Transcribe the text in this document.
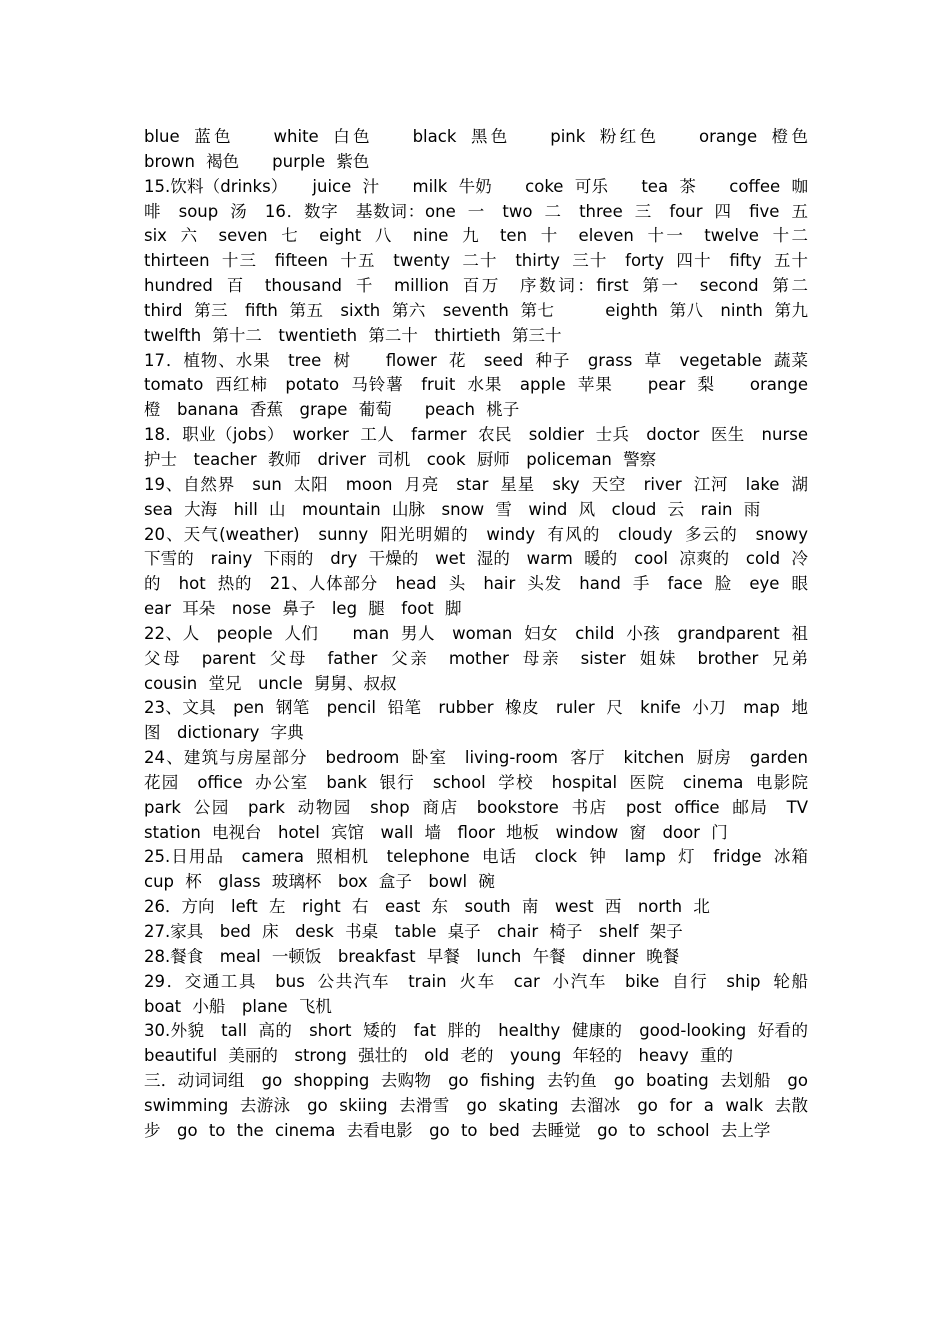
blue 蓝色　　white 白色　　black 黑色　　pink 粉红色　　orange 橙色　　brown 褐色　　purple 紫色

15.饮料（drinks）　　juice 汁　　milk 牛奶　　coke 可乐　　tea 茶　　coffee 咖啡　soup 汤　16．数字　基数词：one 一　two 二　three 三　four 四　five 五　six 六　seven 七　eight 八　nine 九　ten 十　eleven 十一　twelve 十二　thirteen 十三　fifteen 十五　twenty 二十　thirty 三十　forty 四十　fifty 五十　hundred 百　thousand 千　million 百万　序数词：first 第一　second 第二　third 第三　fifth 第五　sixth 第六　seventh 第七　　　eighth 第八　ninth 第九　twelfth 第十二　twentieth 第二十　thirtieth 第三十

17．植物、水果　tree 树　　flower 花　seed 种子　grass 草　vegetable 蔬菜　tomato 西红柿　potato 马铃薯　fruit 水果　apple 苹果　　pear 梨　　orange 橙　banana 香蕉　grape 葡萄　　peach 桃子

18．职业（jobs）　worker 工人　farmer 农民　soldier 士兵　doctor 医生　nurse 护士　teacher 教师　driver 司机　cook 厨师　policeman 警察

19、自然界　sun 太阳　moon 月亮　star 星星　sky 天空　river 江河　lake 湖　sea 大海　hill 山　mountain 山脉　snow 雪　wind 风　cloud 云　rain 雨

20、天气(weather)　sunny 阳光明媚的　windy 有风的　cloudy 多云的　snowy 下雪的　rainy 下雨的　dry 干燥的　wet 湿的　warm 暖的　cool 凉爽的　cold 冷的　hot 热的　21、人体部分　head 头　hair 头发　hand 手　face 脸　eye 眼　ear 耳朵　nose 鼻子　leg 腿　foot 脚

22、人　people 人们　　man 男人　woman 妇女　child 小孩　grandparent 祖父母　parent 父母　father 父亲　mother 母亲　sister 姐妹　brother 兄弟　cousin 堂兄　uncle 舅舅、叔叔

23、文具　pen 钢笔　pencil 铅笔　rubber 橡皮　ruler 尺　knife 小刀　map 地图　dictionary 字典

24、建筑与房屋部分　bedroom 卧室　living-room 客厅　kitchen 厨房　garden 花园　office 办公室　bank 银行　school 学校　hospital 医院　cinema 电影院　park 公园　park 动物园　shop 商店　bookstore 书店　post office 邮局　TV station 电视台　hotel 宾馆　wall 墙　floor 地板　window 窗　door 门

25.日用品　camera 照相机　telephone 电话　clock 钟　lamp 灯　fridge 冰箱　cup 杯　glass 玻璃杯　box 盒子　bowl 碗

26．方向　left 左　right 右　east 东　south 南　west 西　north 北

27.家具　bed 床　desk 书桌　table 桌子　chair 椅子　shelf 架子

28.餐食　meal 一顿饭　breakfast 早餐　lunch 午餐　dinner 晚餐

29．交通工具　bus 公共汽车　train 火车　car 小汽车　bike 自行　ship 轮船　boat 小船　plane 飞机

30.外貌　tall 高的　short 矮的　fat 胖的　healthy 健康的　good-looking 好看的　beautiful 美丽的　strong 强壮的　old 老的　young 年轻的　heavy 重的

三．动词词组　go shopping 去购物　go fishing 去钓鱼　go boating 去划船　go swimming 去游泳　go skiing 去滑雪　go skating 去溜冰　go for a walk 去散步　go to the cinema 去看电影　go to bed 去睡觉　go to school 去上学
